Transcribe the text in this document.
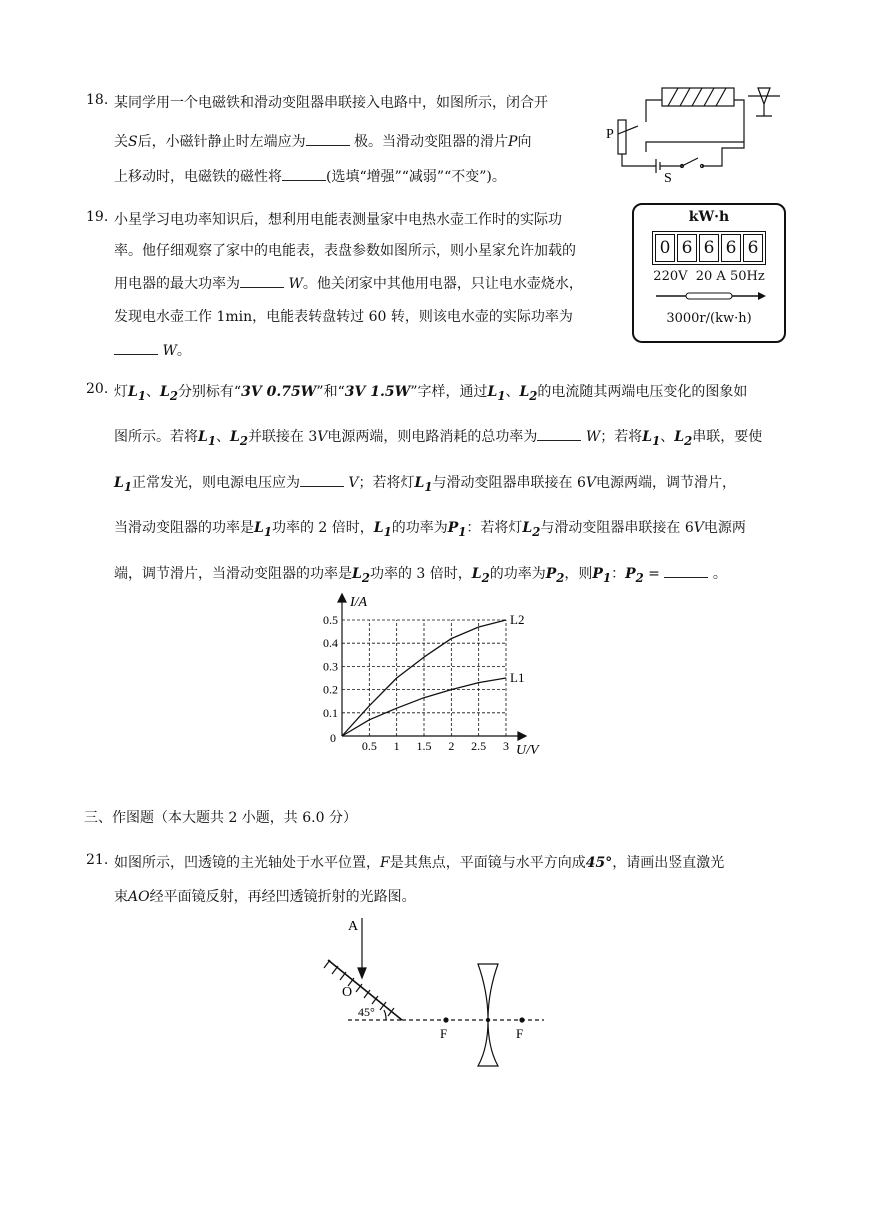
18. 某同学用一个电磁铁和滑动变阻器串联接入电路中，如图所示，闭合开
关S后，小磁针静止时左端应为	极。当滑动变阻器的滑片P向
上移动时，电磁铁的磁性将	(选填“增强”“减弱”“不变”)。
P
S
19. 小星学习电功率知识后，想利用电能表测量家中电热水壶工作时的实际功
率。他仔细观察了家中的电能表，表盘参数如图所示，则小星家允许加载的
用电器的最大功率为	W。他关闭家中其他用电器，只让电水壶烧水，
发现电水壶工作 1min，电能表转盘转过 60 转，则该电水壶的实际功率为
W。
kW·h
0 6 6 6 6
220V  20 A 50Hz
3000r/(kw·h)
20. 灯$L_1$、$L_2$分别标有“3V 0.75W”和“3V 1.5W”字样，通过$L_1$、$L_2$的电流随其两端电压变化的图象如
图所示。若将$L_1$、$L_2$并联接在 3V电源两端，则电路消耗的总功率为	W；若将$L_1$、$L_2$串联，要使
$L_1$正常发光，则电源电压应为	V；若将灯$L_1$与滑动变阻器串联接在 6V电源两端，调节滑片，
当滑动变阻器的功率是$L_1$功率的 2 倍时，$L_1$的功率为$P_1$：若将灯$L_2$与滑动变阻器串联接在 6V电源两
端，调节滑片，当滑动变阻器的功率是$L_2$功率的 3 倍时，$L_2$的功率为$P_2$，则$P_1$：$P_2$ =	。
0.5 1 1.5 2 2.5 3
0.1
0.2
0.3
0.4
0.5	L2
L1
I/A
U/V
0
三、作图题（本大题共 2 小题，共 6.0 分）
21. 如图所示，凹透镜的主光轴处于水平位置，F是其焦点，平面镜与水平方向成45°，请画出竖直激光
束AO经平面镜反射，再经凹透镜折射的光路图。
A
O
45°
F	F
